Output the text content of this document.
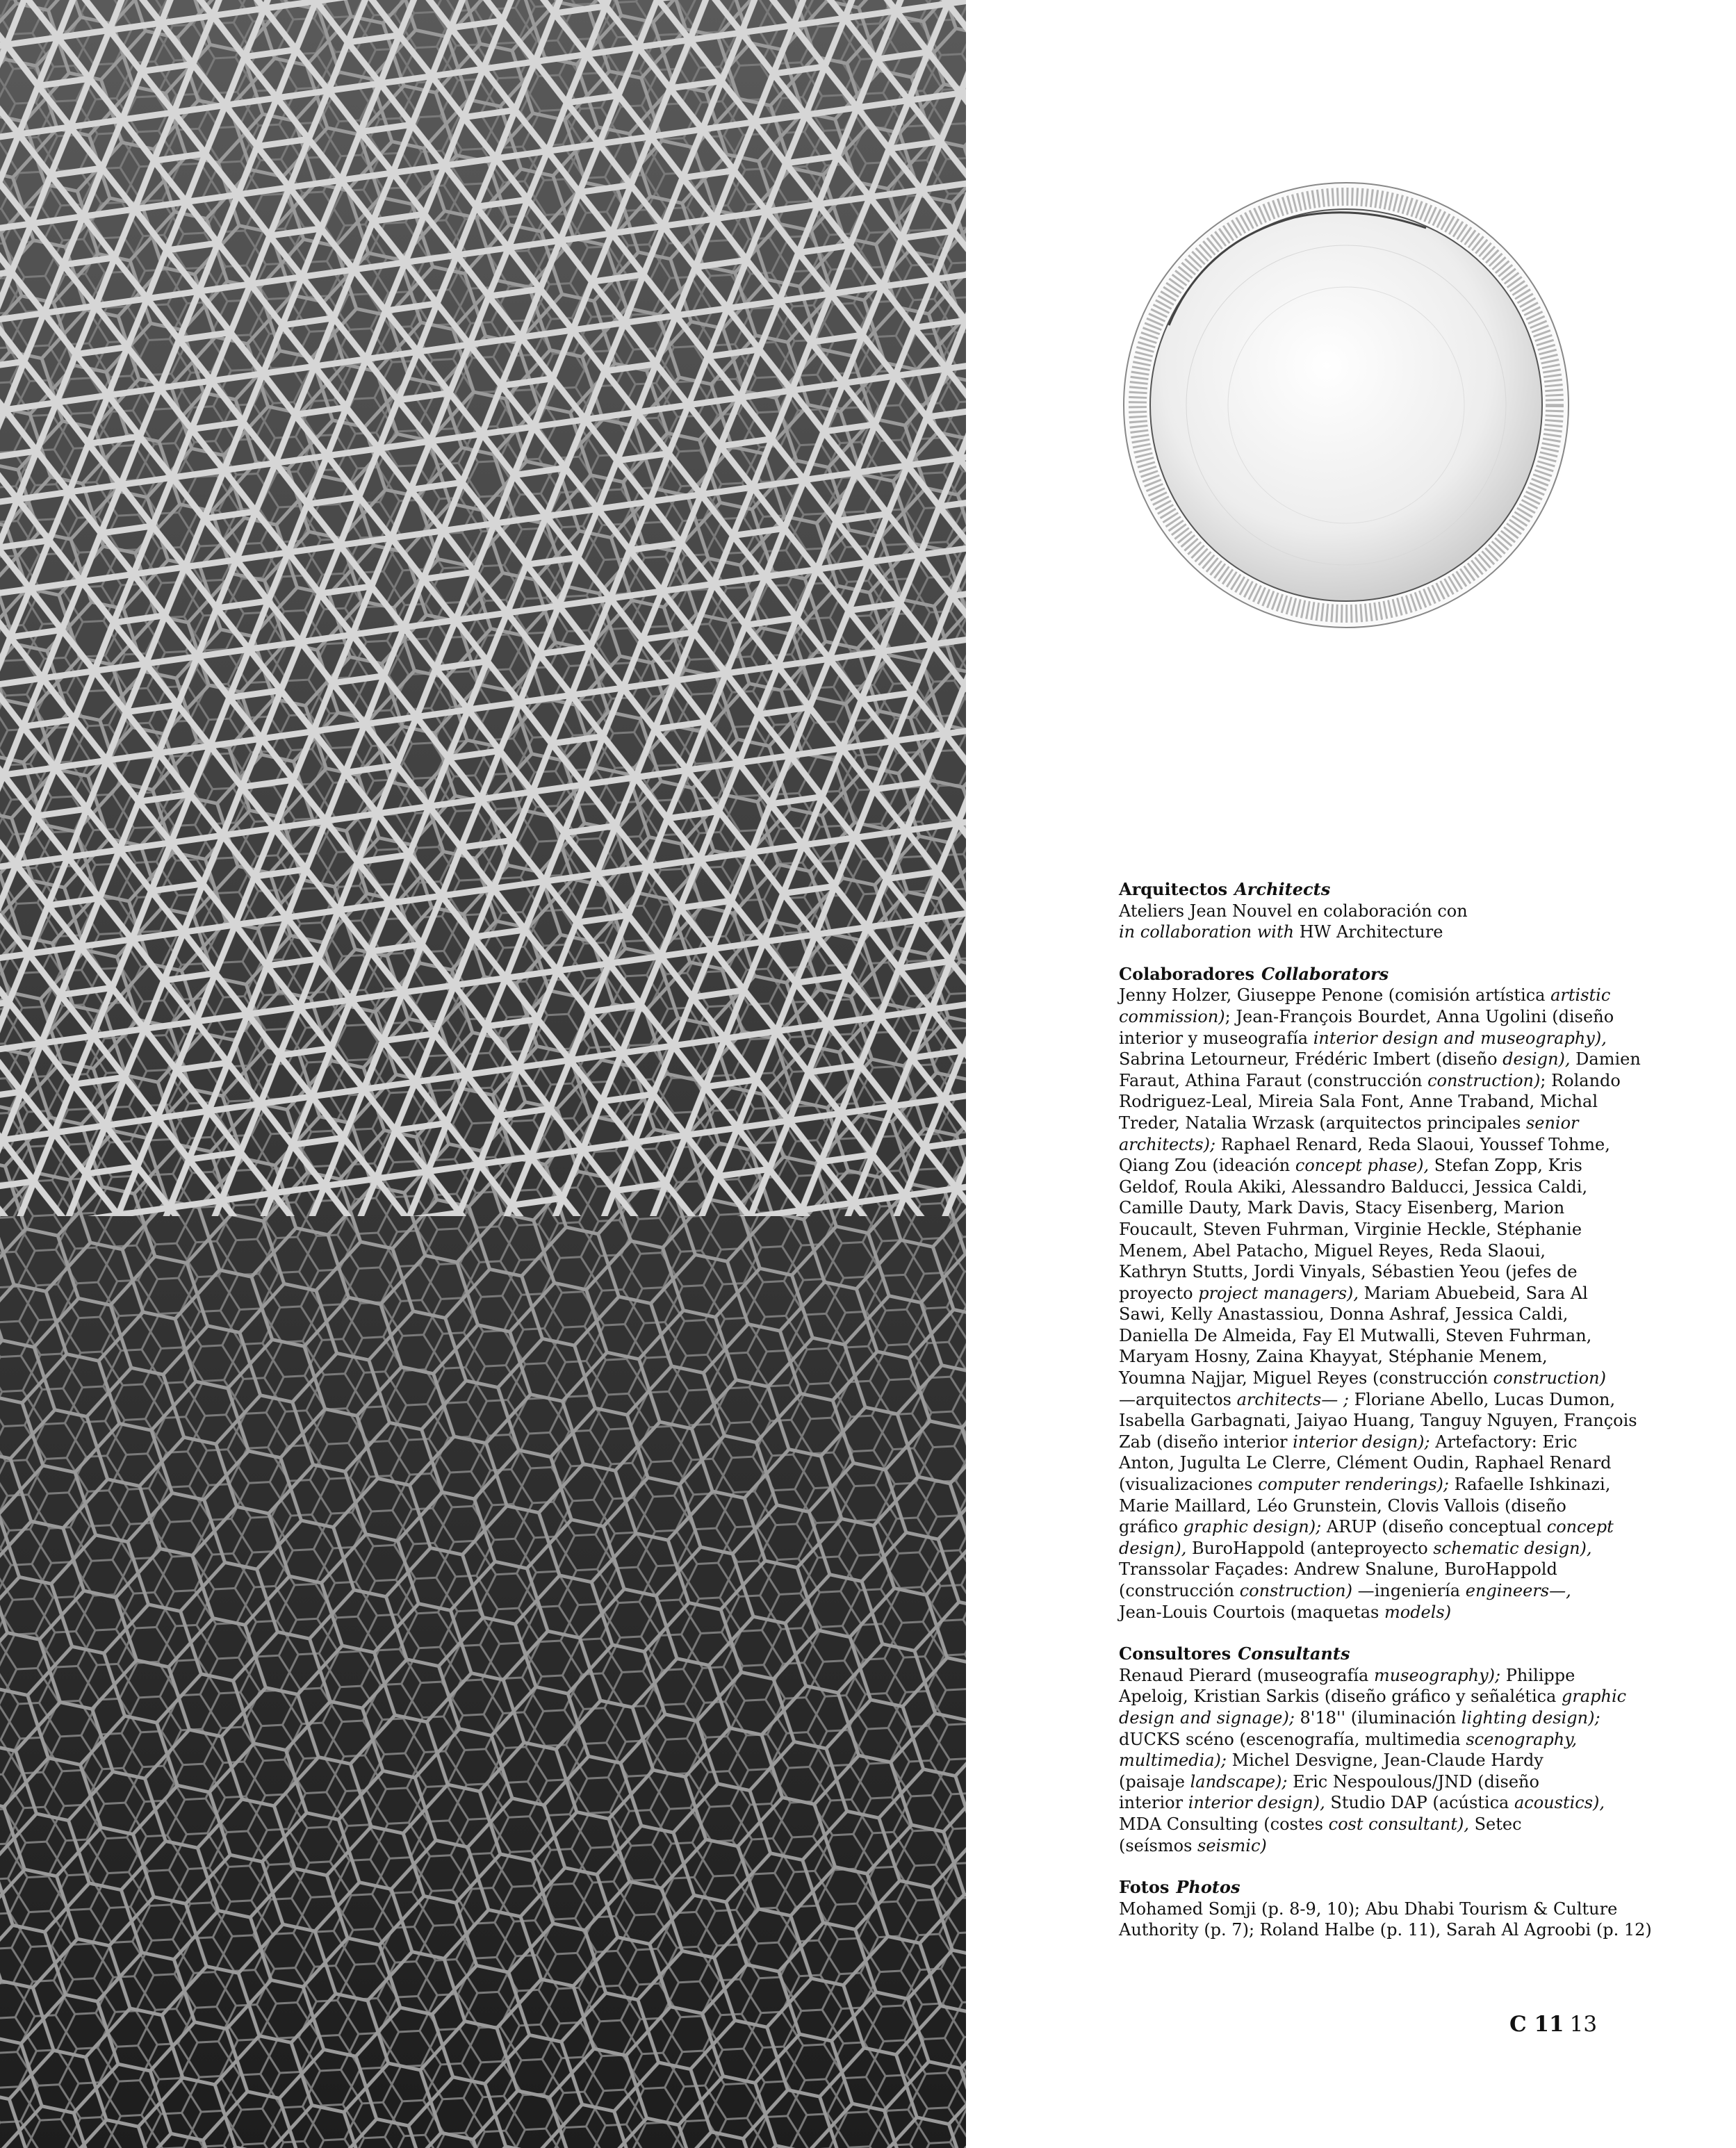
Arquitectos Architects
Ateliers Jean Nouvel en colaboración con
in collaboration with HW Architecture
Colaboradores Collaborators
Jenny Holzer, Giuseppe Penone (comisión artística artistic
commission); Jean-François Bourdet, Anna Ugolini (diseño
interior y museografía interior design and museography),
Sabrina Letourneur, Frédéric Imbert (diseño design), Damien
Faraut, Athina Faraut (construcción construction); Rolando
Rodriguez-Leal, Mireia Sala Font, Anne Traband, Michal
Treder, Natalia Wrzask (arquitectos principales senior
architects); Raphael Renard, Reda Slaoui, Youssef Tohme,
Qiang Zou (ideación concept phase), Stefan Zopp, Kris
Geldof, Roula Akiki, Alessandro Balducci, Jessica Caldi,
Camille Dauty, Mark Davis, Stacy Eisenberg, Marion
Foucault, Steven Fuhrman, Virginie Heckle, Stéphanie
Menem, Abel Patacho, Miguel Reyes, Reda Slaoui,
Kathryn Stutts, Jordi Vinyals, Sébastien Yeou (jefes de
proyecto project managers), Mariam Abuebeid, Sara Al
Sawi, Kelly Anastassiou, Donna Ashraf, Jessica Caldi,
Daniella De Almeida, Fay El Mutwalli, Steven Fuhrman,
Maryam Hosny, Zaina Khayyat, Stéphanie Menem,
Youmna Najjar, Miguel Reyes (construcción construction)
—arquitectos architects— ; Floriane Abello, Lucas Dumon,
Isabella Garbagnati, Jaiyao Huang, Tanguy Nguyen, François
Zab (diseño interior interior design); Artefactory: Eric
Anton, Jugulta Le Clerre, Clément Oudin, Raphael Renard
(visualizaciones computer renderings); Rafaelle Ishkinazi,
Marie Maillard, Léo Grunstein, Clovis Vallois (diseño
gráfico graphic design); ARUP (diseño conceptual concept
design), BuroHappold (anteproyecto schematic design),
Transsolar Façades: Andrew Snalune, BuroHappold
(construcción construction) —ingeniería engineers—,
Jean-Louis Courtois (maquetas models)
Consultores Consultants
Renaud Pierard (museografía museography); Philippe
Apeloig, Kristian Sarkis (diseño gráfico y señalética graphic
design and signage); 8'18'' (iluminación lighting design);
dUCKS scéno (escenografía, multimedia scenography,
multimedia); Michel Desvigne, Jean-Claude Hardy
(paisaje landscape); Eric Nespoulous/JND (diseño
interior interior design), Studio DAP (acústica acoustics),
MDA Consulting (costes cost consultant), Setec
(seísmos seismic)
Fotos Photos
Mohamed Somji (p. 8-9, 10); Abu Dhabi Tourism & Culture
Authority (p. 7); Roland Halbe (p. 11), Sarah Al Agroobi (p. 12)
C 11 13
